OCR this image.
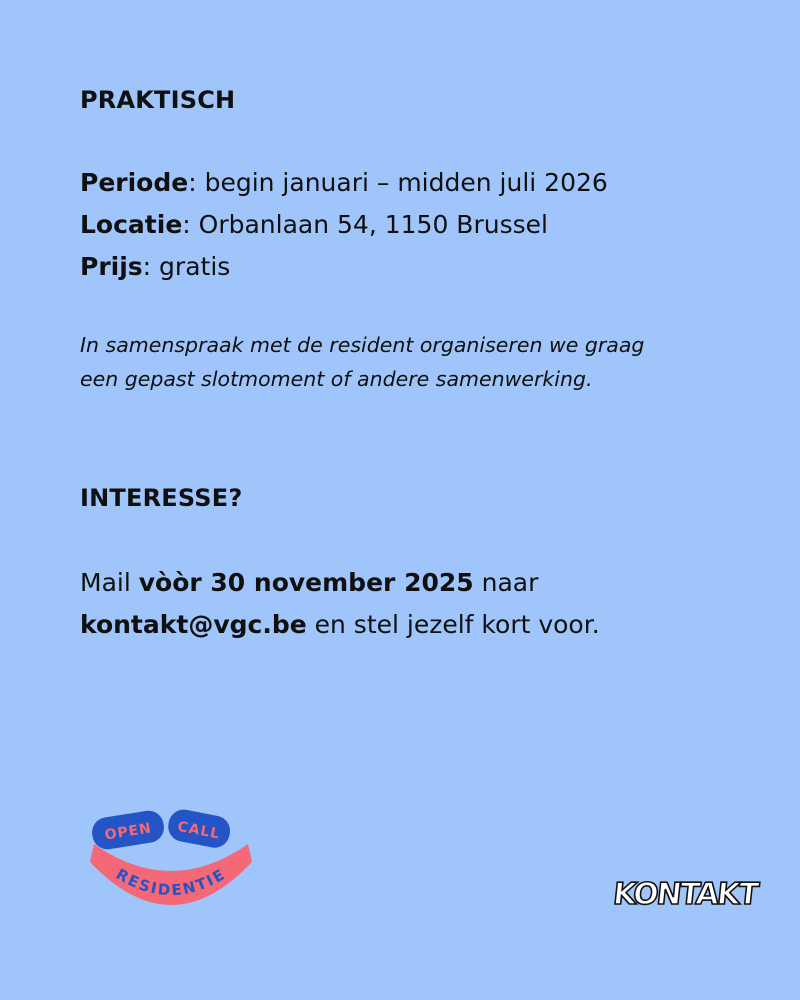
PRAKTISCH
Periode: begin januari – midden juli 2026
Locatie: Orbanlaan 54, 1150 Brussel
Prijs: gratis

In samenspraak met de resident organiseren we graag
een gepast slotmoment of andere samenwerking.

INTERESSE?

Mail vòòr 30 november 2025 naar
kontakt@vgc.be en stel jezelf kort voor.

OPEN CALL
RESIDENTIE
KONTAKT
